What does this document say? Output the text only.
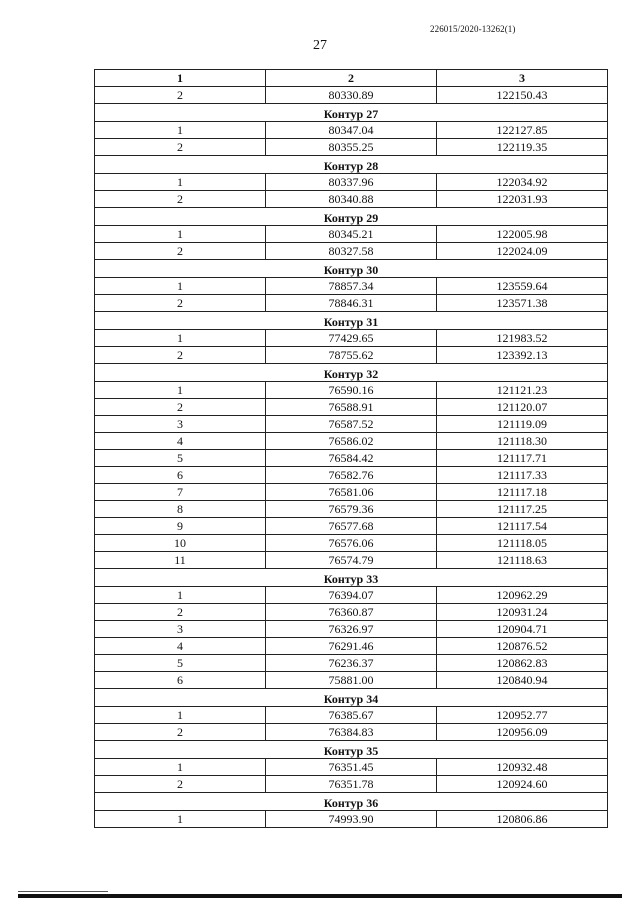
226015/2020-13262(1)
27
1	2	3
2	80330.89	122150.43
Контур 27		
1	80347.04	122127.85
2	80355.25	122119.35
Контур 28		
1	80337.96	122034.92
2	80340.88	122031.93
Контур 29		
1	80345.21	122005.98
2	80327.58	122024.09
Контур 30		
1	78857.34	123559.64
2	78846.31	123571.38
Контур 31		
1	77429.65	121983.52
2	78755.62	123392.13
Контур 32		
1	76590.16	121121.23
2	76588.91	121120.07
3	76587.52	121119.09
4	76586.02	121118.30
5	76584.42	121117.71
6	76582.76	121117.33
7	76581.06	121117.18
8	76579.36	121117.25
9	76577.68	121117.54
10	76576.06	121118.05
11	76574.79	121118.63
Контур 33		
1	76394.07	120962.29
2	76360.87	120931.24
3	76326.97	120904.71
4	76291.46	120876.52
5	76236.37	120862.83
6	75881.00	120840.94
Контур 34		
1	76385.67	120952.77
2	76384.83	120956.09
Контур 35		
1	76351.45	120932.48
2	76351.78	120924.60
Контур 36		
1	74993.90	120806.86
